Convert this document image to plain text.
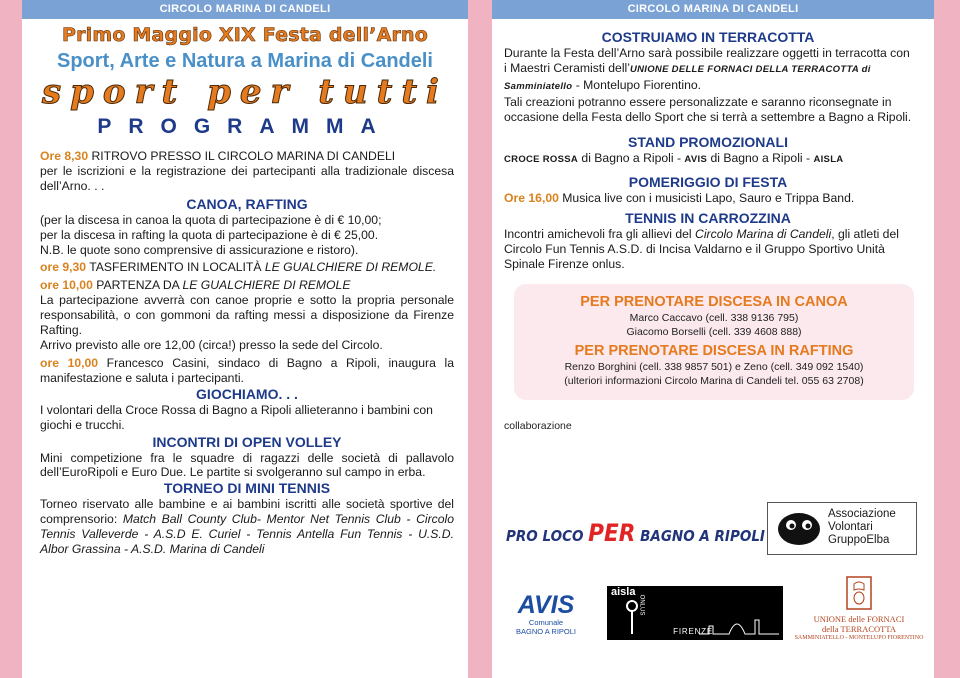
CIRCOLO MARINA DI CANDELI
Primo Maggio XIX Festa dell’Arno
Sport, Arte e Natura a Marina di Candeli
sport per tutti
PROGRAMMA
Ore 8,30 RITROVO PRESSO IL CIRCOLO MARINA DI CANDELI
per le iscrizioni e la registrazione dei partecipanti alla tradizionale discesa dell’Arno. . .
CANOA, RAFTING
(per la discesa in canoa la quota di partecipazione è di € 10,00;
per la discesa in rafting la quota di partecipazione è di € 25,00.
N.B. le quote sono comprensive di assicurazione e ristoro).
ore 9,30 TASFERIMENTO IN LOCALITÀ LE GUALCHIERE DI REMOLE.
ore 10,00 PARTENZA DA LE GUALCHIERE DI REMOLE
La partecipazione avverrà con canoe proprie e sotto la propria personale responsabilità, o con gommoni da rafting messi a disposizione da Firenze Rafting.
Arrivo previsto alle ore 12,00 (circa!) presso la sede del Circolo.
ore 10,00 Francesco Casini, sindaco di Bagno a Ripoli, inaugura la manifestazione e saluta i partecipanti.
GIOCHIAMO. . .
I volontari della Croce Rossa di Bagno a Ripoli allieteranno i bambini con giochi e trucchi.
INCONTRI DI OPEN VOLLEY
Mini competizione fra le squadre di ragazzi delle società di pallavolo dell’EuroRipoli e Euro Due. Le partite si svolgeranno sul campo in erba.
TORNEO DI MINI TENNIS
Torneo riservato alle bambine e ai bambini iscritti alle società sportive del comprensorio: Match Ball County Club- Mentor Net Tennis Club - Circolo Tennis Valleverde - A.S.D E. Curiel - Tennis Antella Fun Tennis - U.S.D. Albor Grassina - A.S.D. Marina di Candeli
CIRCOLO MARINA DI CANDELI
COSTRUIAMO IN TERRACOTTA
Durante la Festa dell’Arno sarà possibile realizzare oggetti in terracotta con i Maestri Ceramisti dell’UNIONE DELLE FORNACI DELLA TERRACOTTA di Samminiatello - Montelupo Fiorentino.
Tali creazioni potranno essere personalizzate e saranno riconsegnate in occasione della Festa dello Sport che si terrà a settembre a Bagno a Ripoli.
STAND PROMOZIONALI
CROCE ROSSA di Bagno a Ripoli - AVIS di Bagno a Ripoli - AISLA
POMERIGGIO DI FESTA
Ore 16,00 Musica live con i musicisti Lapo, Sauro e Trippa Band.
TENNIS IN CARROZZINA
Incontri amichevoli fra gli allievi del Circolo Marina di Candeli, gli atleti del Circolo Fun Tennis A.S.D. di Incisa Valdarno e il Gruppo Sportivo Unità Spinale Firenze onlus.
PER PRENOTARE DISCESA IN CANOA
Marco Caccavo (cell. 338 9136 795)
Giacomo Borselli (cell. 339 4608 888)
PER PRENOTARE DISCESA IN RAFTING
Renzo Borghini (cell. 338 9857 501) e Zeno (cell. 349 092 1540)
(ulteriori informazioni Circolo Marina di Candeli tel. 055 63 2708)
collaborazione
PRO LOCO PER BAGNO A RIPOLI
Associazione
Volontari
GruppoElba
AVIS
Comunale
BAGNO A RIPOLI
aisla
ONLUS
FIRENZE
UNIONE delle FORNACI
della TERRACOTTA
SAMMINIATELLO - MONTELUPO FIORENTINO
